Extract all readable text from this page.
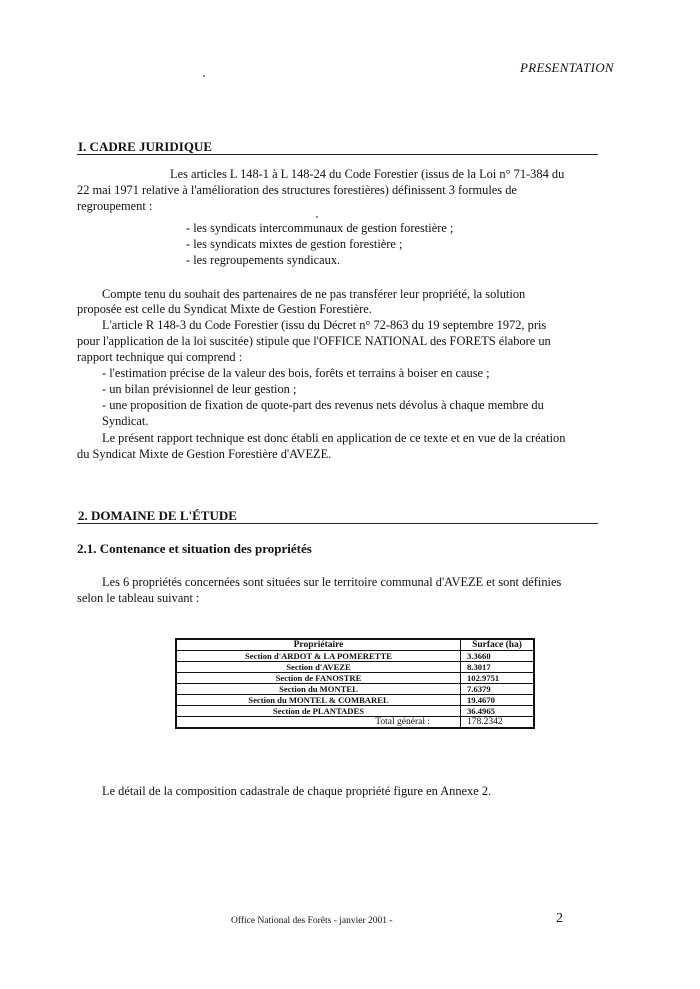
PRESENTATION
I. CADRE JURIDIQUE
Les articles L 148-1 à L 148-24 du Code Forestier (issus de la Loi n° 71-384 du
22 mai 1971 relative à l'amélioration des structures forestières) définissent 3 formules de
regroupement :
- les syndicats intercommunaux de gestion forestière ;
- les syndicats mixtes de gestion forestière ;
- les regroupements syndicaux.
Compte tenu du souhait des partenaires de ne pas transférer leur propriété, la solution
proposée est celle du Syndicat Mixte de Gestion Forestière.
L'article R 148-3 du Code Forestier (issu du Décret n° 72-863 du 19 septembre 1972, pris
pour l'application de la loi suscitée) stipule que l'OFFICE NATIONAL des FORETS élabore un
rapport technique qui comprend :
- l'estimation précise de la valeur des bois, forêts et terrains à boiser en cause ;
- un bilan prévisionnel de leur gestion ;
- une proposition de fixation de quote-part des revenus nets dévolus à chaque membre du
Syndicat.
Le présent rapport technique est donc établi en application de ce texte et en vue de la création
du Syndicat Mixte de Gestion Forestière d'AVEZE.
2. DOMAINE DE L'ÉTUDE
2.1. Contenance et situation des propriétés
Les 6 propriétés concernées sont situées sur le territoire communal d'AVEZE et sont définies
selon le tableau suivant :
Propriétaire	Surface (ha)
Section d'ARDOT & LA POMERETTE	3.3660
Section d'AVEZE	8.3017
Section de FANOSTRE	102.9751
Section du MONTEL	7.6379
Section du MONTEL & COMBAREL	19.4670
Section de PLANTADES	36.4965
Total général :	178.2342
Le détail de la composition cadastrale de chaque propriété figure en Annexe 2.
Office National des Forêts - janvier 2001 -	2
